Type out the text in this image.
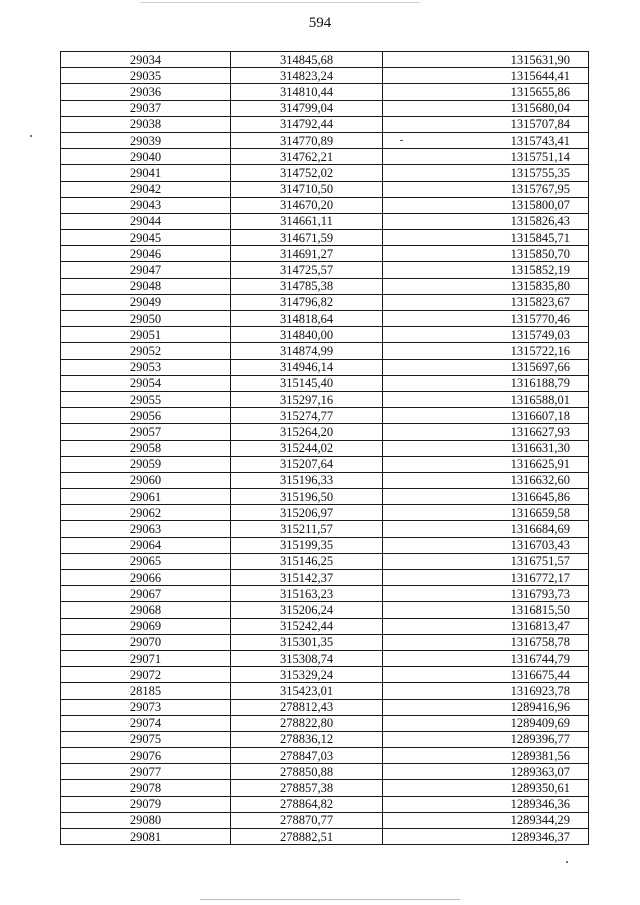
594
29034	314845,68	1315631,90
29035	314823,24	1315644,41
29036	314810,44	1315655,86
29037	314799,04	1315680,04
29038	314792,44	1315707,84
29039	314770,89	1315743,41
29040	314762,21	1315751,14
29041	314752,02	1315755,35
29042	314710,50	1315767,95
29043	314670,20	1315800,07
29044	314661,11	1315826,43
29045	314671,59	1315845,71
29046	314691,27	1315850,70
29047	314725,57	1315852,19
29048	314785,38	1315835,80
29049	314796,82	1315823,67
29050	314818,64	1315770,46
29051	314840,00	1315749,03
29052	314874,99	1315722,16
29053	314946,14	1315697,66
29054	315145,40	1316188,79
29055	315297,16	1316588,01
29056	315274,77	1316607,18
29057	315264,20	1316627,93
29058	315244,02	1316631,30
29059	315207,64	1316625,91
29060	315196,33	1316632,60
29061	315196,50	1316645,86
29062	315206,97	1316659,58
29063	315211,57	1316684,69
29064	315199,35	1316703,43
29065	315146,25	1316751,57
29066	315142,37	1316772,17
29067	315163,23	1316793,73
29068	315206,24	1316815,50
29069	315242,44	1316813,47
29070	315301,35	1316758,78
29071	315308,74	1316744,79
29072	315329,24	1316675,44
28185	315423,01	1316923,78
29073	278812,43	1289416,96
29074	278822,80	1289409,69
29075	278836,12	1289396,77
29076	278847,03	1289381,56
29077	278850,88	1289363,07
29078	278857,38	1289350,61
29079	278864,82	1289346,36
29080	278870,77	1289344,29
29081	278882,51	1289346,37
